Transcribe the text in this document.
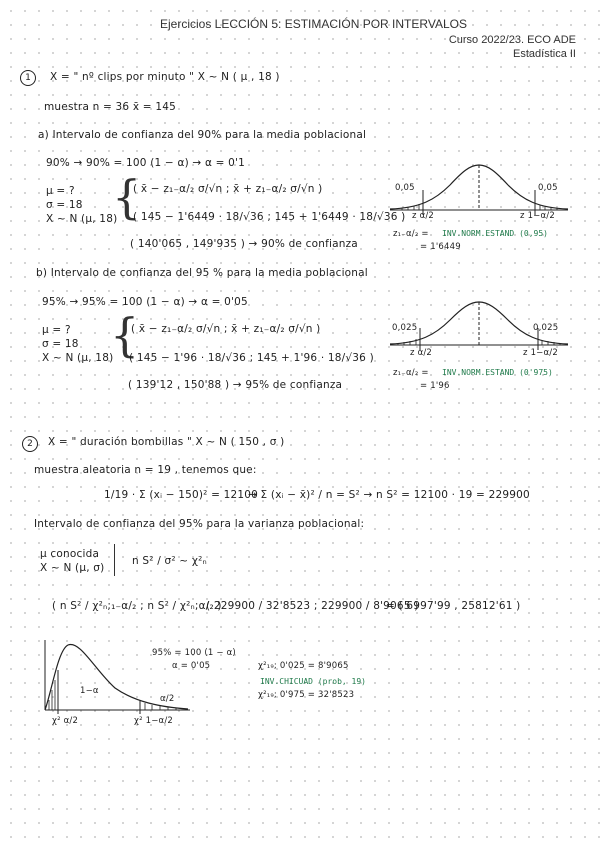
Ejercicios LECCIÓN 5: ESTIMACIÓN POR INTERVALOS
Curso 2022/23. ECO ADE
Estadística II
1	X = " nº clips por minuto " X ~ N ( μ , 18 )
muestra n = 36 x̄ = 145
a) Intervalo de confianza del 90% para la media poblacional
90% → 90% = 100 (1 − α) → α = 0'1
μ = ?
σ = 18
X ~ N (μ, 18)
{
( x̄ − z₁₋α/₂ σ/√n ; x̄ + z₁₋α/₂ σ/√n )
( 145 − 1'6449 · 18/√36 ; 145 + 1'6449 · 18/√36 )
( 140'065 , 149'935 ) → 90% de confianza
0,05	0,05
z α/2	z 1−α/2
z₁₋α/₂ = INV.NORM.ESTAND (0,95)
= 1'6449
b) Intervalo de confianza del 95 % para la media poblacional
95% → 95% = 100 (1 − α) → α = 0'05
μ = ?
σ = 18
X ~ N (μ, 18)
{
( x̄ − z₁₋α/₂ σ/√n ; x̄ + z₁₋α/₂ σ/√n )
( 145 − 1'96 · 18/√36 ; 145 + 1'96 · 18/√36 )
( 139'12 , 150'88 ) → 95% de confianza
0,025	0,025
z α/2	z 1−α/2
z₁₋α/₂ = INV.NORM.ESTAND (0'975)
= 1'96
2	X = " duración bombillas " X ~ N ( 150 , σ )
muestra aleatoria n = 19 , tenemos que:
1/19 · Σ (xᵢ − 150)² = 12100
→ Σ (xᵢ − x̄)² / n = S² → n S² = 12100 · 19 = 229900
Intervalo de confianza del 95% para la varianza poblacional:
μ conocida
X ~ N (μ, σ)
n S² / σ² ~ χ²ₙ
( n S² / χ²ₙ;₁₋α/₂ ; n S² / χ²ₙ;α/₂ )
( 229900 / 32'8523 ; 229900 / 8'9065 )
= ( 6997'99 , 25812'61 )
1−α
α/2
χ² α/2	χ² 1−α/2
95% = 100 (1 − α)
α = 0'05	χ²₁₉; 0'025 = 8'9065
INV.CHICUAD (prob, 19)
χ²₁₉; 0'975 = 32'8523
